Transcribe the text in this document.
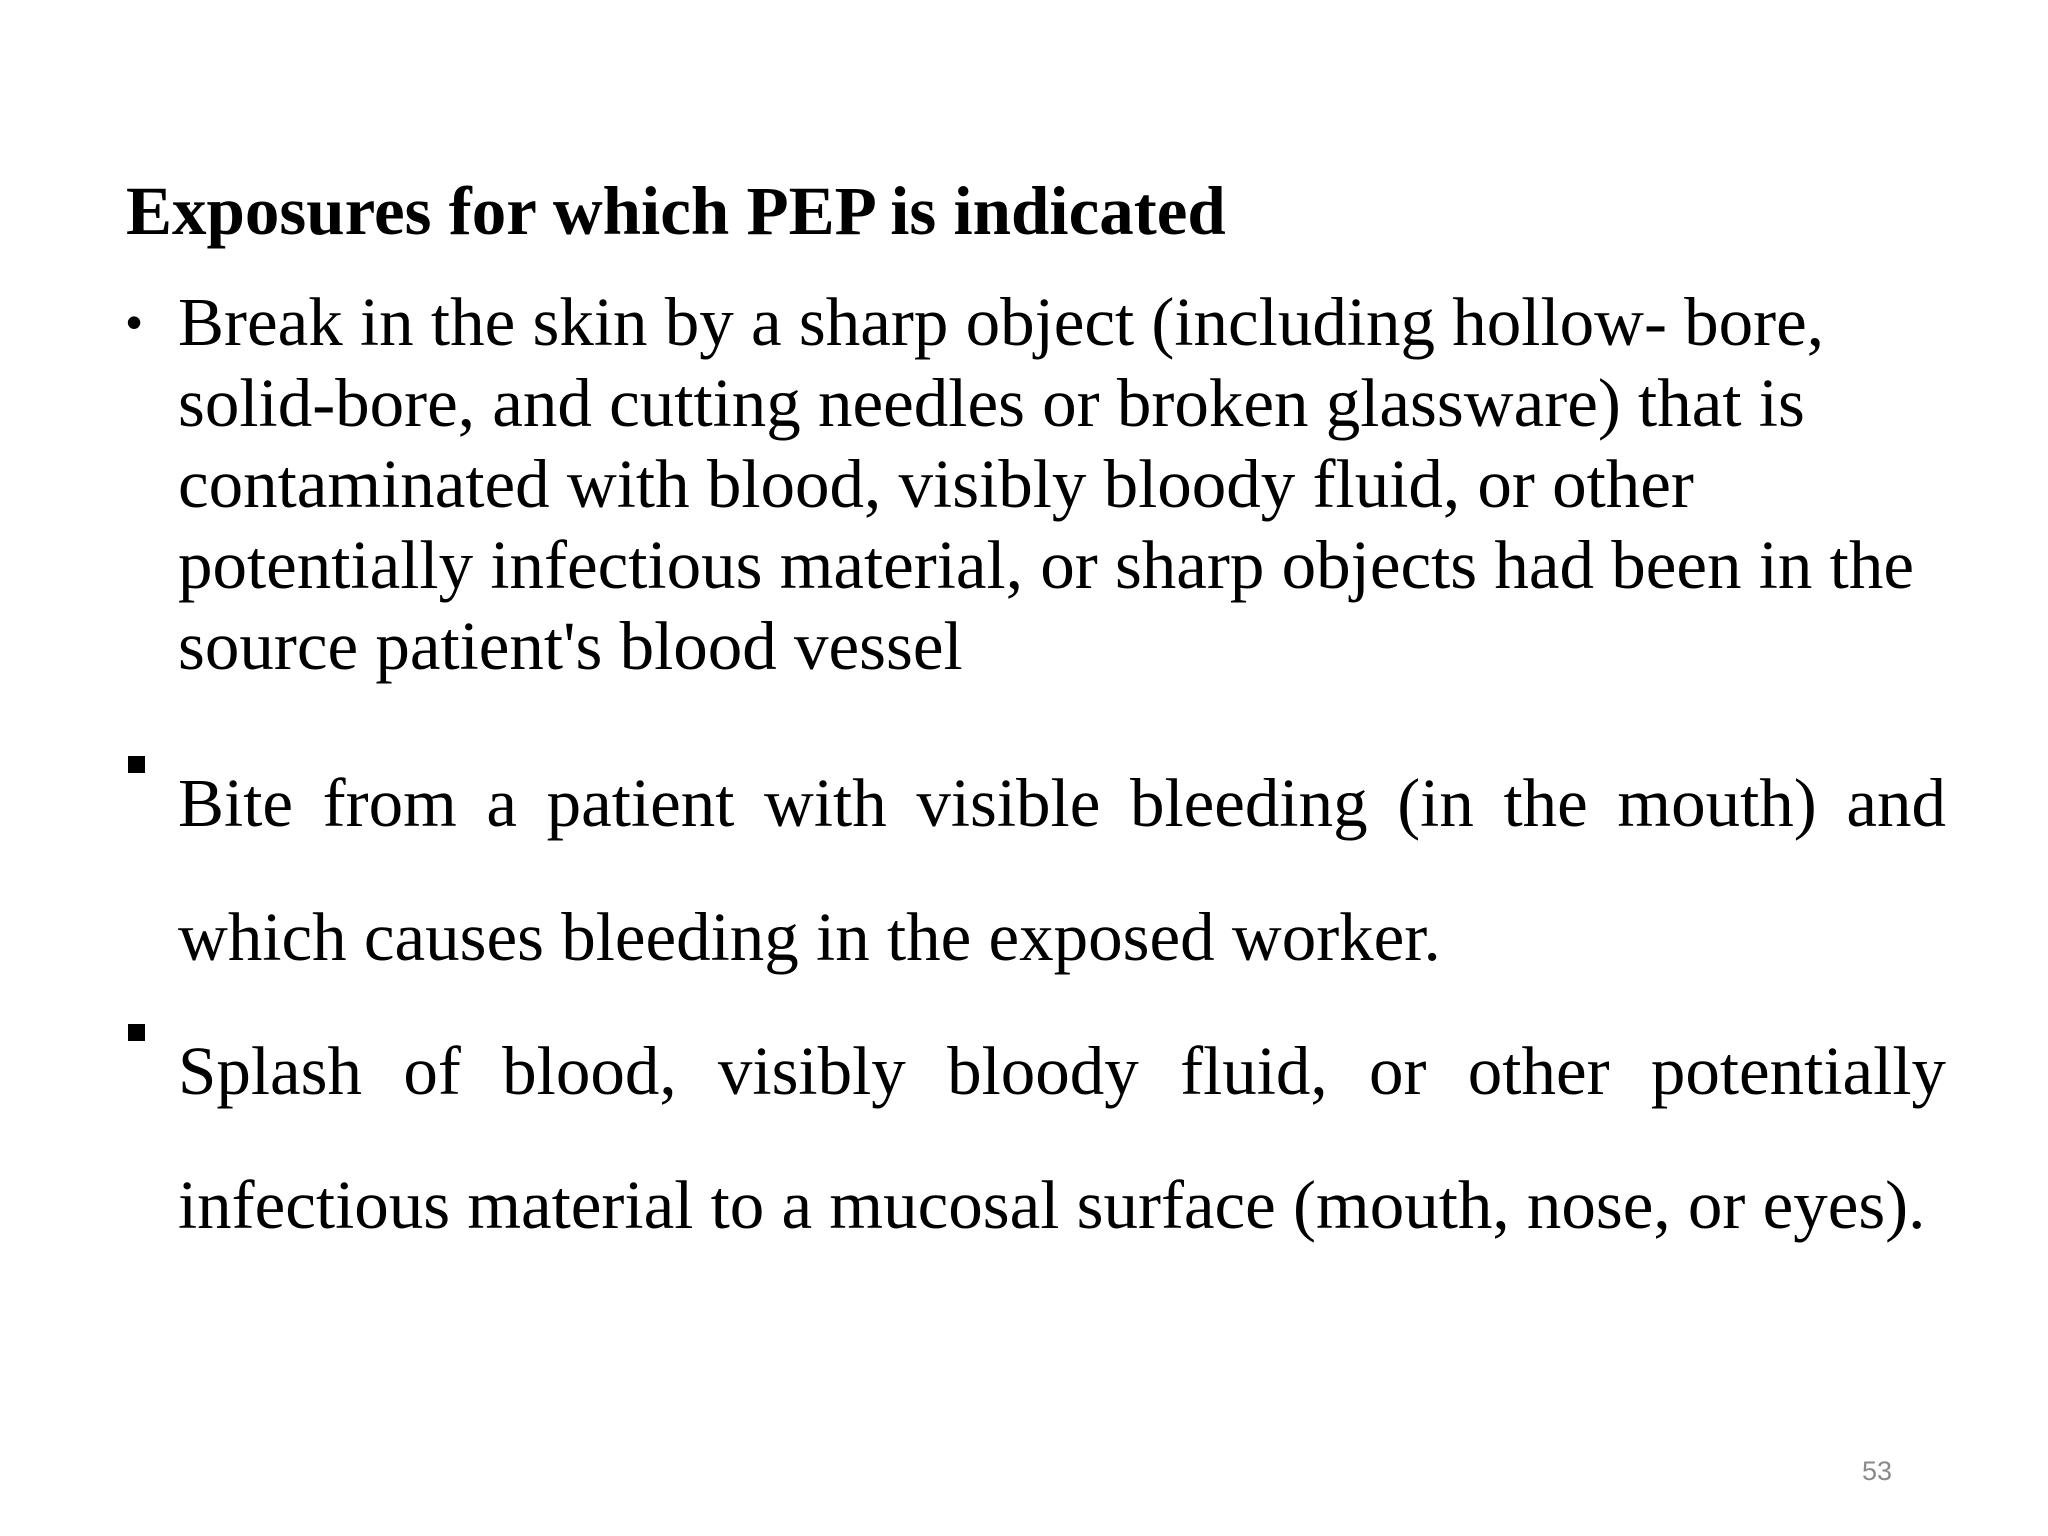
Exposures for which PEP is indicated
• Break in the skin by a sharp object (including hollow- bore, solid-bore, and cutting needles or broken glassware) that is contaminated with blood, visibly bloody fluid, or other potentially infectious material, or sharp objects had been in the source patient's blood vessel
Bite from a patient with visible bleeding (in the mouth) and which causes bleeding in the exposed worker.
Splash of blood, visibly bloody fluid, or other potentially infectious material to a mucosal surface (mouth, nose, or eyes).
53
